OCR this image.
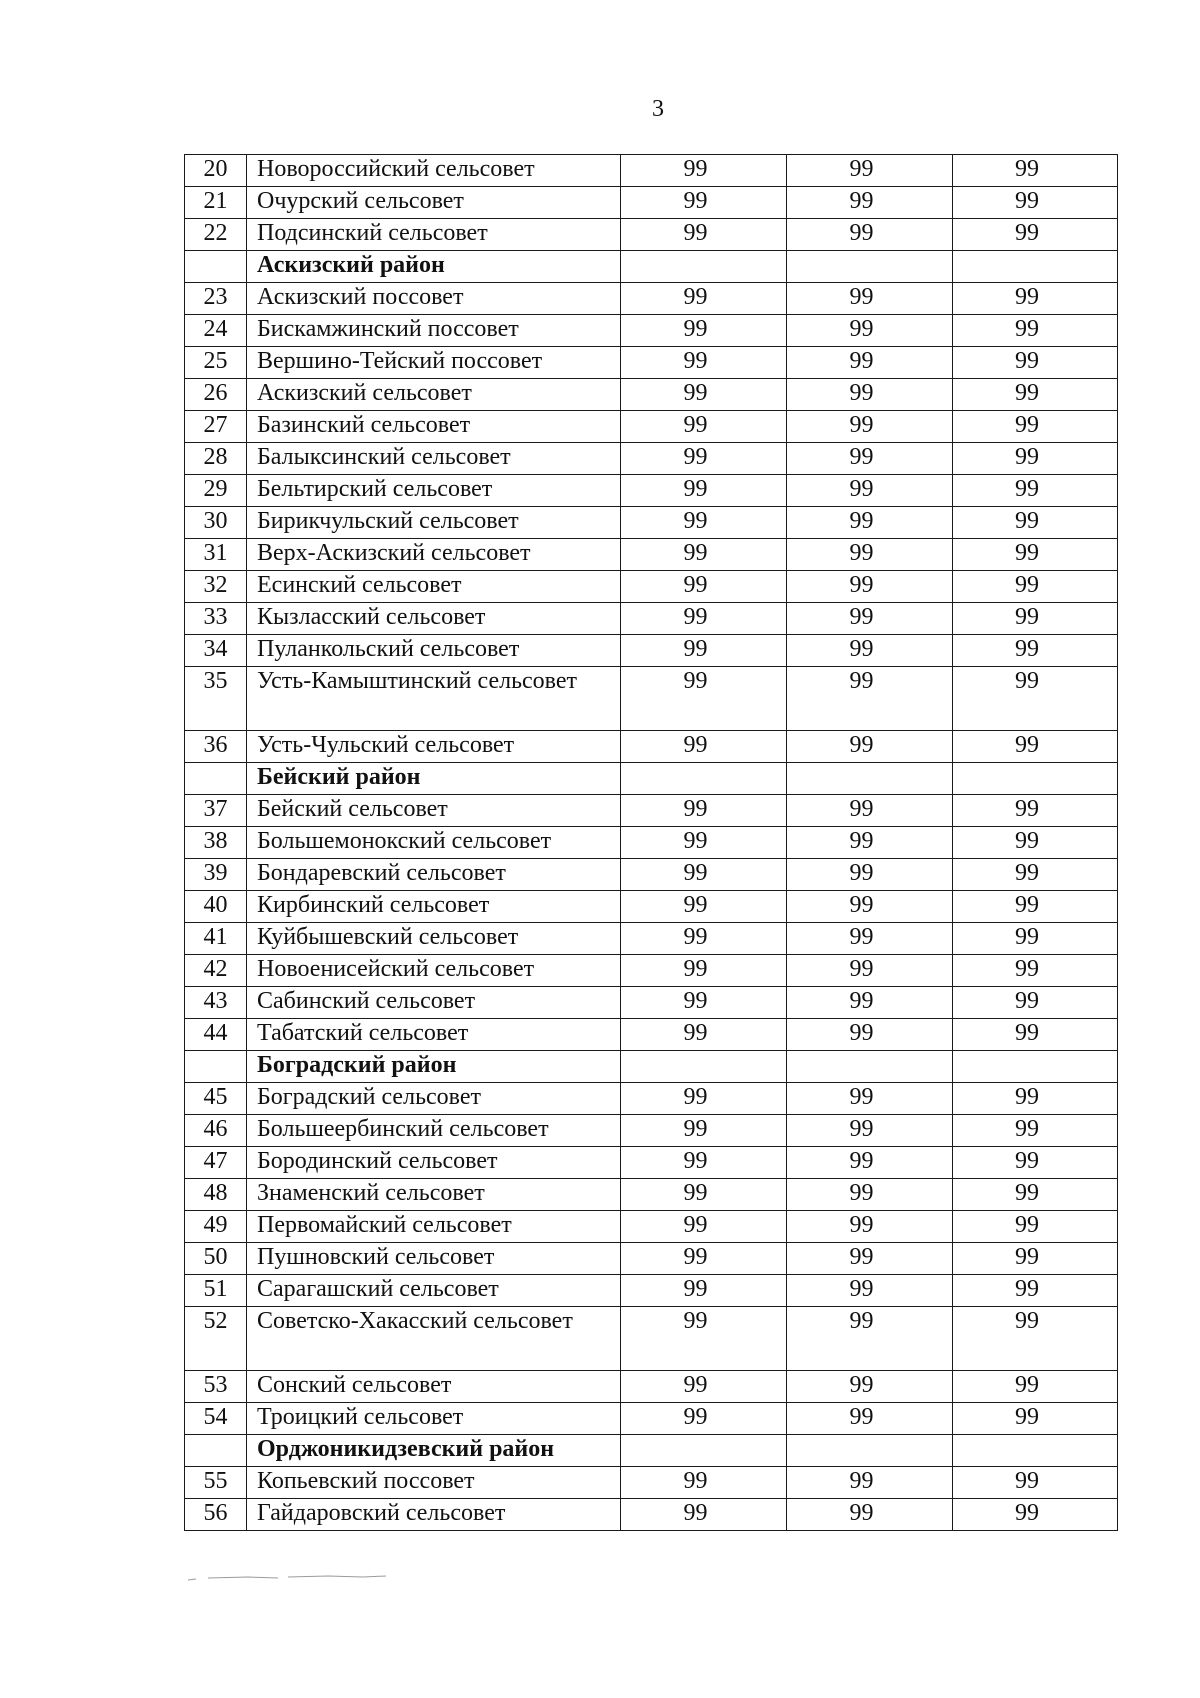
3
20	Новороссийский сельсовет	99	99	99
21	Очурский сельсовет	99	99	99
22	Подсинский сельсовет	99	99	99
	Аскизский район			
23	Аскизский поссовет	99	99	99
24	Бискамжинский поссовет	99	99	99
25	Вершино-Тейский поссовет	99	99	99
26	Аскизский сельсовет	99	99	99
27	Базинский сельсовет	99	99	99
28	Балыксинский сельсовет	99	99	99
29	Бельтирский сельсовет	99	99	99
30	Бирикчульский сельсовет	99	99	99
31	Верх-Аскизский сельсовет	99	99	99
32	Есинский сельсовет	99	99	99
33	Кызласский сельсовет	99	99	99
34	Пуланкольский сельсовет	99	99	99
35	Усть-Камыштинский сельсовет	99	99	99
36	Усть-Чульский сельсовет	99	99	99
	Бейский район			
37	Бейский сельсовет	99	99	99
38	Большемонокский сельсовет	99	99	99
39	Бондаревский сельсовет	99	99	99
40	Кирбинский сельсовет	99	99	99
41	Куйбышевский сельсовет	99	99	99
42	Новоенисейский сельсовет	99	99	99
43	Сабинский сельсовет	99	99	99
44	Табатский сельсовет	99	99	99
	Боградский район			
45	Боградский сельсовет	99	99	99
46	Большеербинский сельсовет	99	99	99
47	Бородинский сельсовет	99	99	99
48	Знаменский сельсовет	99	99	99
49	Первомайский сельсовет	99	99	99
50	Пушновский сельсовет	99	99	99
51	Сарагашский сельсовет	99	99	99
52	Советско-Хакасский сельсовет	99	99	99
53	Сонский сельсовет	99	99	99
54	Троицкий сельсовет	99	99	99
	Орджоникидзевский район			
55	Копьевский поссовет	99	99	99
56	Гайдаровский сельсовет	99	99	99
